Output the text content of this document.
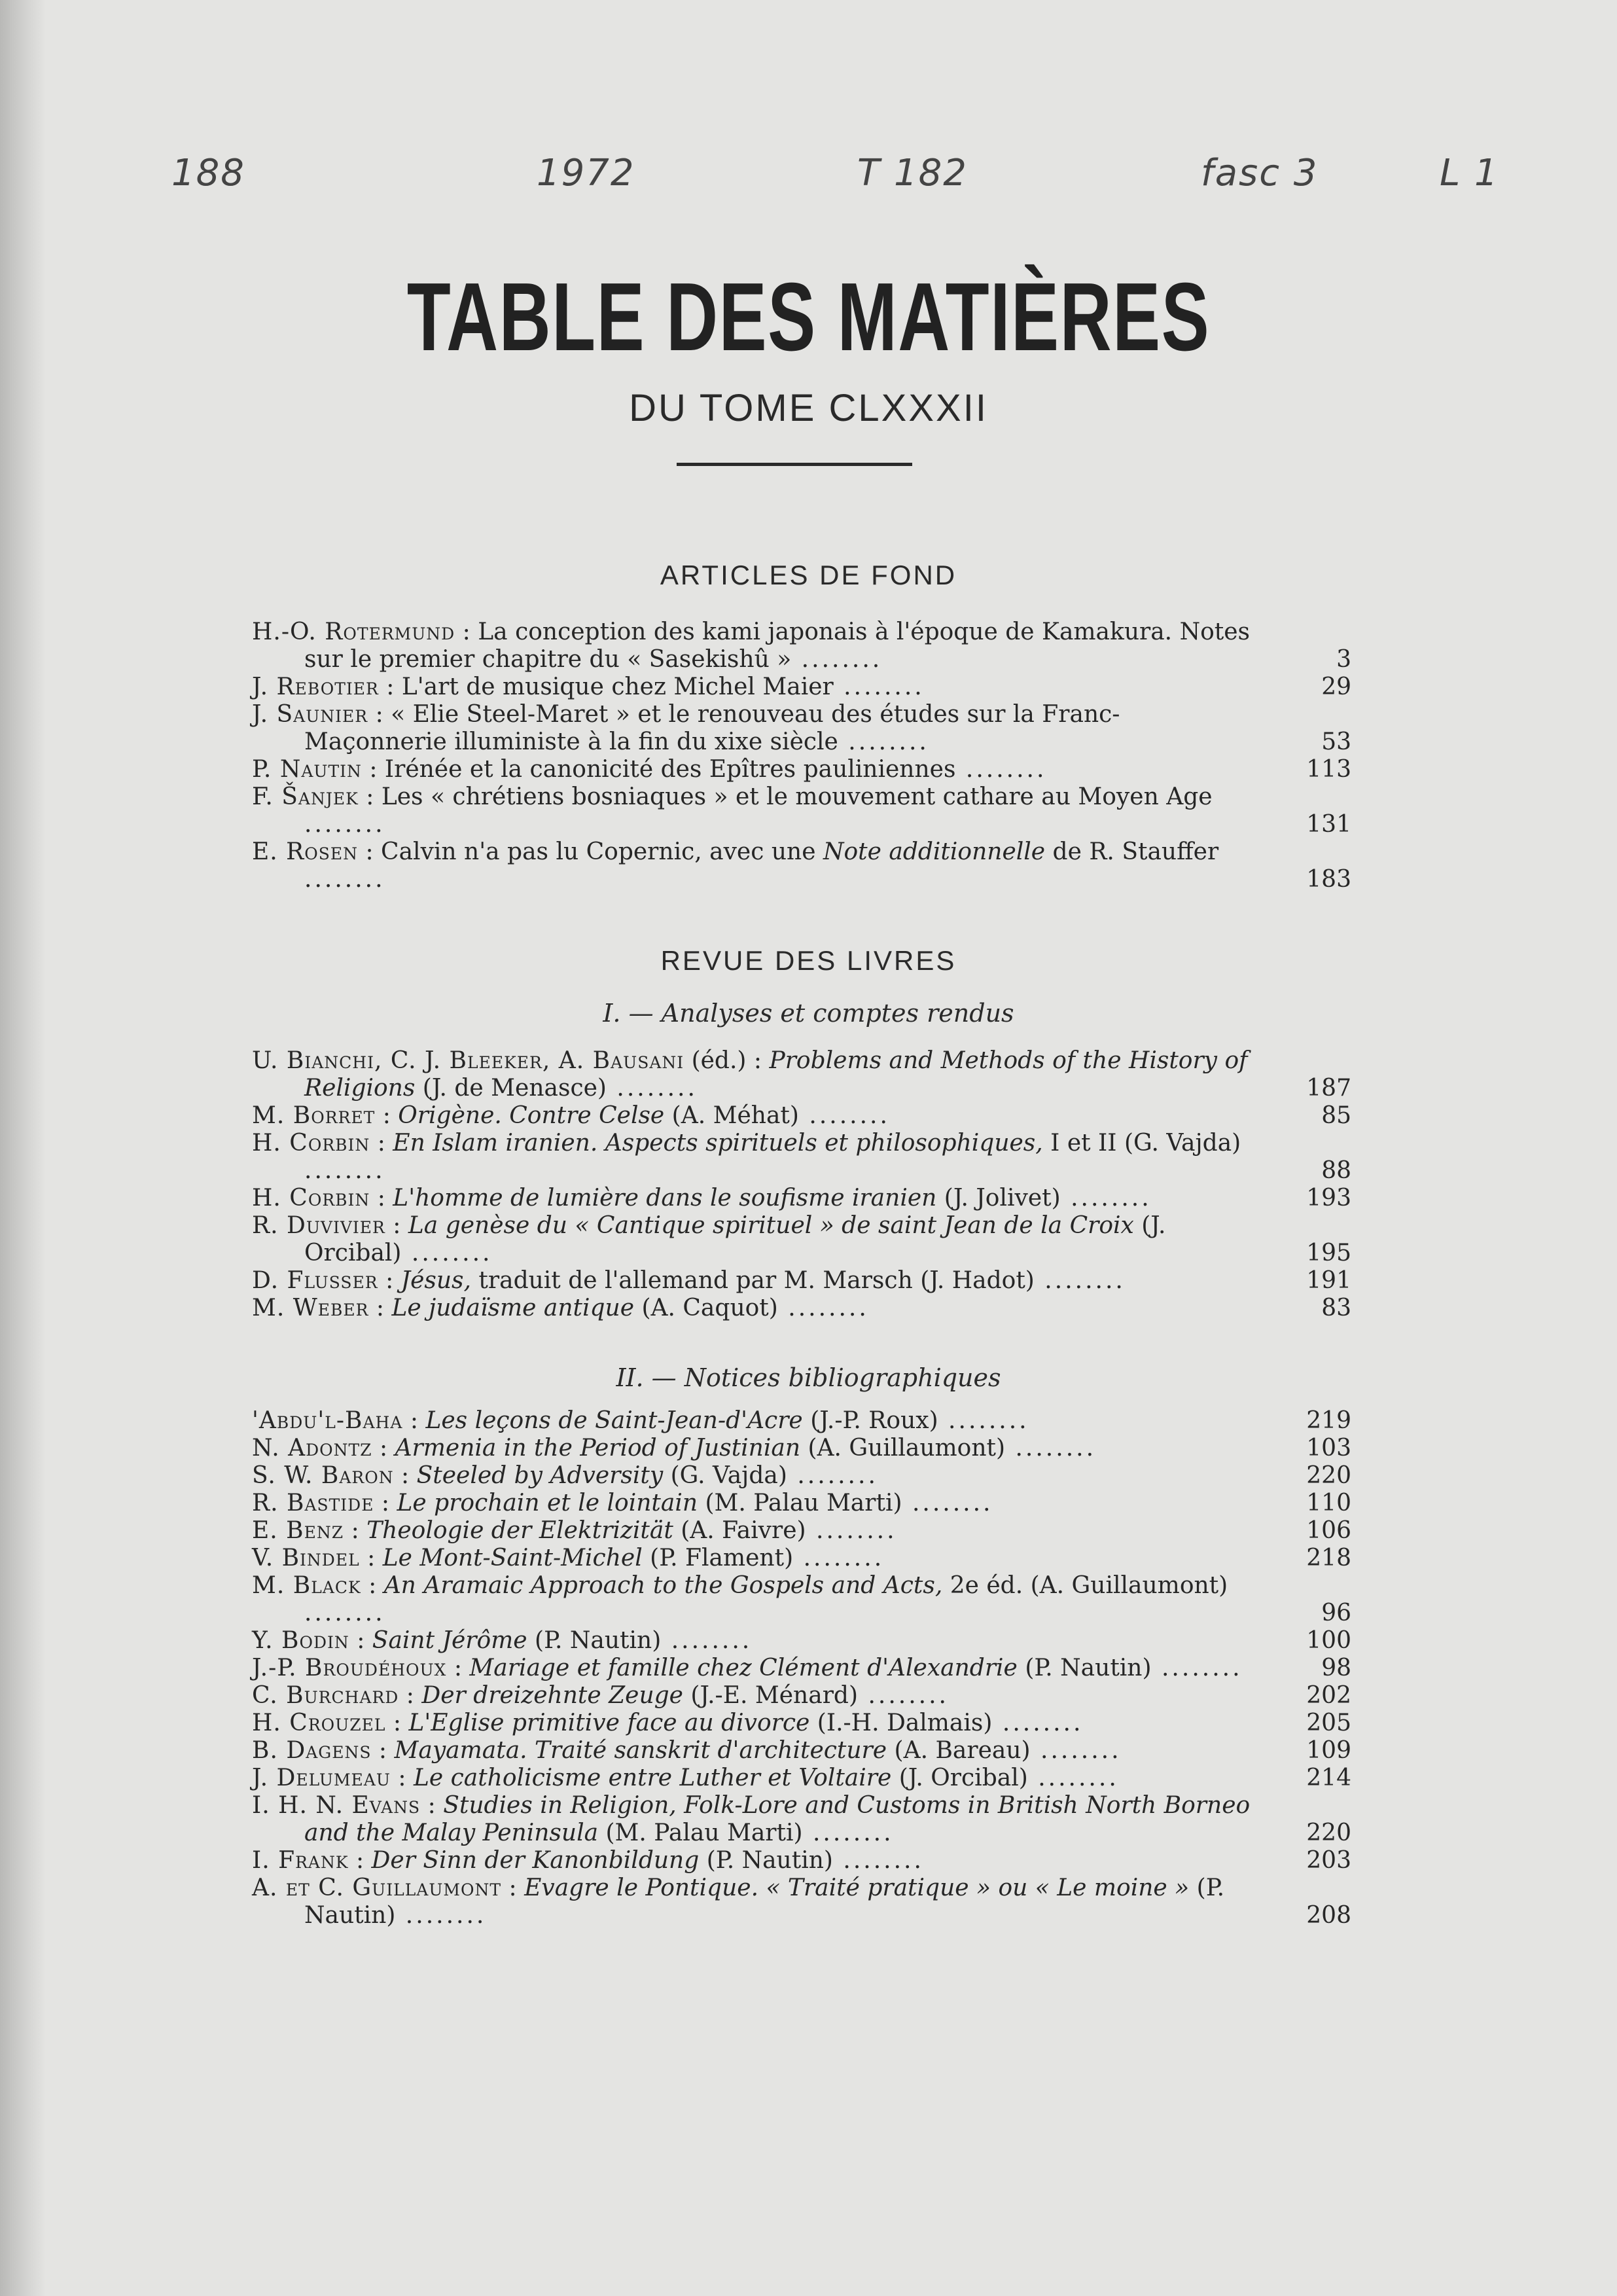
188	1972	T 182	fasc 3	L 1
TABLE DES MATIÈRES
DU TOME CLXXXII
ARTICLES DE FOND
H.-O. Rotermund : La conception des kami japonais à l'époque de Kamakura. Notes sur le premier chapitre du « Sasekishû » ........	3
J. Rebotier : L'art de musique chez Michel Maier ........	29
J. Saunier : « Elie Steel-Maret » et le renouveau des études sur la Franc-Maçonnerie illuministe à la fin du xixe siècle ........	53
P. Nautin : Irénée et la canonicité des Epîtres pauliniennes ........	113
F. Šanjek : Les « chrétiens bosniaques » et le mouvement cathare au Moyen Age ........	131
E. Rosen : Calvin n'a pas lu Copernic, avec une Note additionnelle de R. Stauffer ........	183
REVUE DES LIVRES
I. — Analyses et comptes rendus
U. Bianchi, C. J. Bleeker, A. Bausani (éd.) : Problems and Methods of the History of Religions (J. de Menasce) ........	187
M. Borret : Origène. Contre Celse (A. Méhat) ........	85
H. Corbin : En Islam iranien. Aspects spirituels et philosophiques, I et II (G. Vajda) ........	88
H. Corbin : L'homme de lumière dans le soufisme iranien (J. Jolivet) ........	193
R. Duvivier : La genèse du « Cantique spirituel » de saint Jean de la Croix (J. Orcibal) ........	195
D. Flusser : Jésus, traduit de l'allemand par M. Marsch (J. Hadot) ........	191
M. Weber : Le judaïsme antique (A. Caquot) ........	83
II. — Notices bibliographiques
'Abdu'l-Baha : Les leçons de Saint-Jean-d'Acre (J.-P. Roux) ........	219
N. Adontz : Armenia in the Period of Justinian (A. Guillaumont) ........	103
S. W. Baron : Steeled by Adversity (G. Vajda) ........	220
R. Bastide : Le prochain et le lointain (M. Palau Marti) ........	110
E. Benz : Theologie der Elektrizität (A. Faivre) ........	106
V. Bindel : Le Mont-Saint-Michel (P. Flament) ........	218
M. Black : An Aramaic Approach to the Gospels and Acts, 2e éd. (A. Guillaumont) ........	96
Y. Bodin : Saint Jérôme (P. Nautin) ........	100
J.-P. Broudéhoux : Mariage et famille chez Clément d'Alexandrie (P. Nautin) ........	98
C. Burchard : Der dreizehnte Zeuge (J.-E. Ménard) ........	202
H. Crouzel : L'Eglise primitive face au divorce (I.-H. Dalmais) ........	205
B. Dagens : Mayamata. Traité sanskrit d'architecture (A. Bareau) ........	109
J. Delumeau : Le catholicisme entre Luther et Voltaire (J. Orcibal) ........	214
I. H. N. Evans : Studies in Religion, Folk-Lore and Customs in British North Borneo and the Malay Peninsula (M. Palau Marti) ........	220
I. Frank : Der Sinn der Kanonbildung (P. Nautin) ........	203
A. et C. Guillaumont : Evagre le Pontique. « Traité pratique » ou « Le moine » (P. Nautin) ........	208
